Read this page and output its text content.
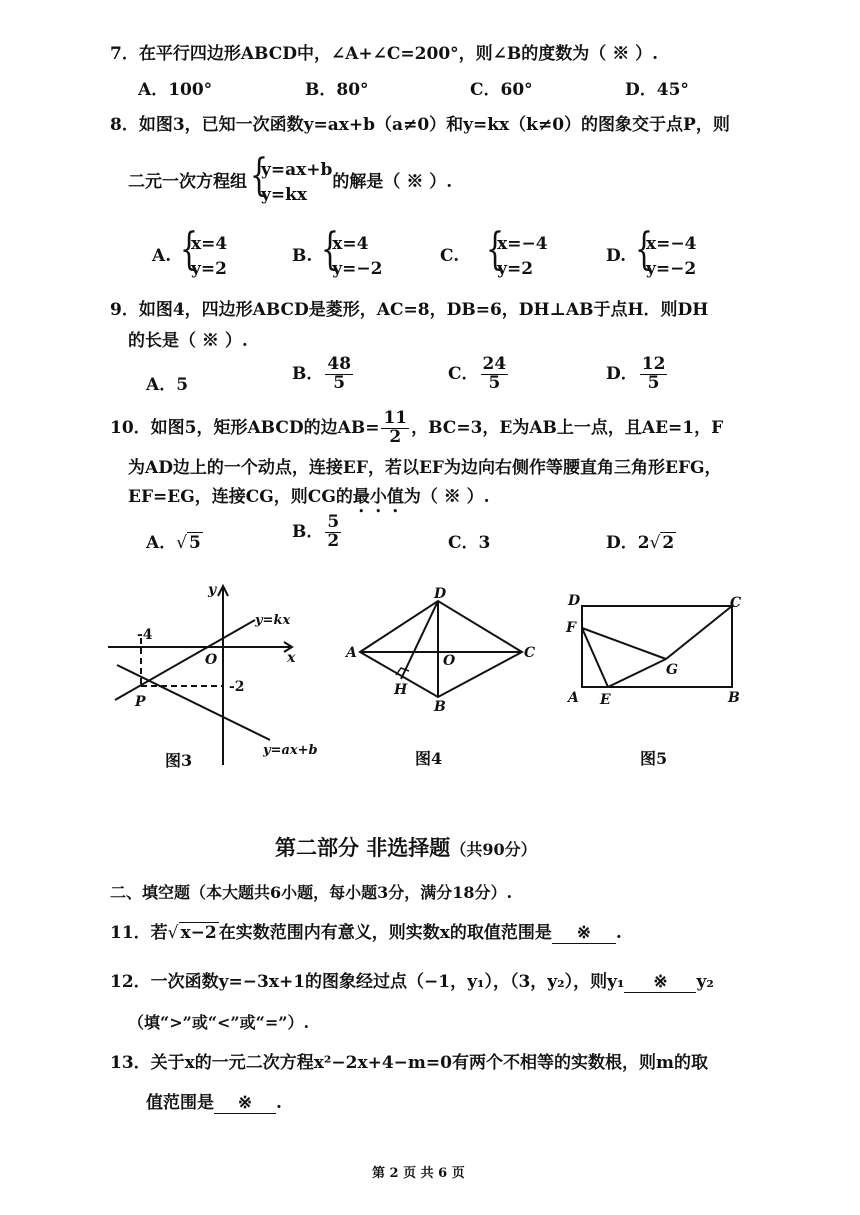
7．在平行四边形ABCD中，∠A+∠C=200°，则∠B的度数为（ ※ ）.
A．100°	B．80°	C．60°	D．45°
8．如图3，已知一次函数y=ax+b（a≠0）和y=kx（k≠0）的图象交于点P，则
二元一次方程组
{ y=ax+b
y=kx
的解是（ ※ ）.
A.
{ x=4
y=2
B.
{ x=4
y=−2
C.
{ x=−4
y=2
D.
{ x=−4
y=−2
9．如图4，四边形ABCD是菱形，AC=8，DB=6，DH⊥AB于点H．则DH
的长是（ ※ ）.
A．5
B． $\frac{48}{5}$	C． $\frac{24}{5}$	D． $\frac{12}{5}$
10．如图5，矩形ABCD的边$AB= \frac{11}{2}$ ，BC=3，E为AB上一点，且AE=1，F
为AD边上的一个动点，连接EF，若以EF为边向右侧作等腰直角三角形EFG，
EF=EG，连接CG，则CG的最小值为（ ※ ）.
A．√ 5
B． $\frac{5}{2}$	C．3	D．2√ 2
y
x
O
y=kx
y=ax+b
-4
-2
P
图3
A
B
C
D
O
H
图4
A	B
C
D
E
F
G
图5
第二部分 非选择题（共90分）
二、填空题（本大题共6小题，每小题3分，满分18分）.
11．若√ x−2 在实数范围内有意义，则实数x的取值范围是 ※ .
12．一次函数y=−3x+1的图象经过点（−1，y₁），（3，y₂），则y₁ ※ y₂
（填“>”或“<”或“=”）.
13．关于x的一元二次方程x²−2x+4−m=0有两个不相等的实数根，则m的取
值范围是 ※ .
第 2 页 共 6 页
